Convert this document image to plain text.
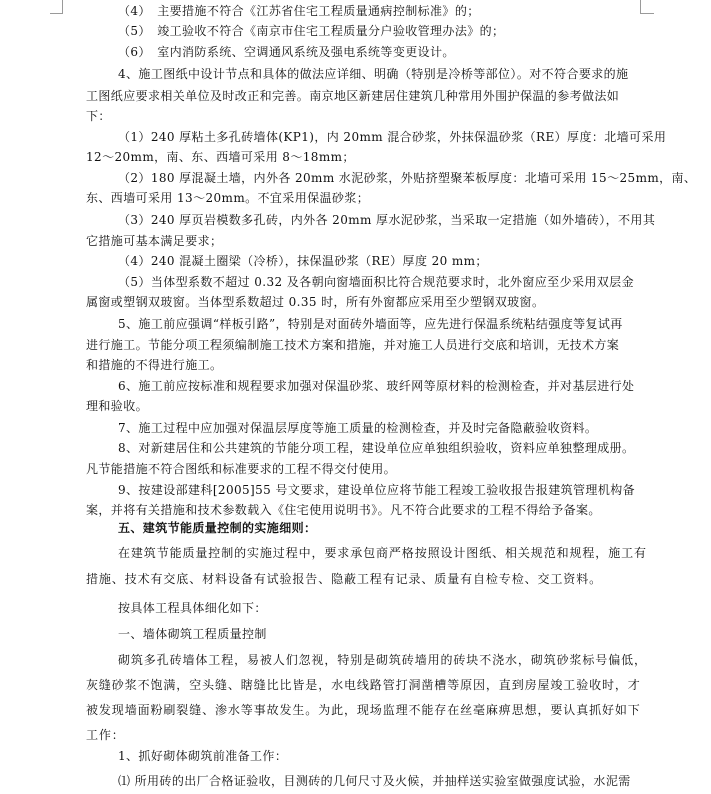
（4）　主要措施不符合《江苏省住宅工程质量通病控制标准》的；
（5）　竣工验收不符合《南京市住宅工程质量分户验收管理办法》的；
（6）　室内消防系统、空调通风系统及强电系统等变更设计。
4、施工图纸中设计节点和具体的做法应详细、明确（特别是冷桥等部位）。对不符合要求的施
工图纸应要求相关单位及时改正和完善。南京地区新建居住建筑几种常用外围护保温的参考做法如
下：
（1）240 厚粘土多孔砖墙体(KP1)，内 20mm 混合砂浆，外抹保温砂浆（RE）厚度：北墙可采用
12～20mm，南、东、西墙可采用 8～18mm；
（2）180 厚混凝土墙，内外各 20mm 水泥砂浆，外贴挤塑聚苯板厚度：北墙可采用 15～25mm，南、
东、西墙可采用 13～20mm。不宜采用保温砂浆；
（3）240 厚页岩模数多孔砖，内外各 20mm 厚水泥砂浆，当采取一定措施（如外墙砖），不用其
它措施可基本满足要求；
（4）240 混凝土圈梁（冷桥），抹保温砂浆（RE）厚度 20 mm；
（5）当体型系数不超过 0.32 及各朝向窗墙面积比符合规范要求时，北外窗应至少采用双层金
属窗或塑钢双玻窗。当体型系数超过 0.35 时，所有外窗都应采用至少塑钢双玻窗。
5、施工前应强调“样板引路”，特别是对面砖外墙面等，应先进行保温系统粘结强度等复试再
进行施工。节能分项工程须编制施工技术方案和措施，并对施工人员进行交底和培训，无技术方案
和措施的不得进行施工。
6、施工前应按标准和规程要求加强对保温砂浆、玻纤网等原材料的检测检查，并对基层进行处
理和验收。
7、施工过程中应加强对保温层厚度等施工质量的检测检查，并及时完备隐蔽验收资料。
8、对新建居住和公共建筑的节能分项工程，建设单位应单独组织验收，资料应单独整理成册。
凡节能措施不符合图纸和标准要求的工程不得交付使用。
9、按建设部建科[2005]55 号文要求，建设单位应将节能工程竣工验收报告报建筑管理机构备
案，并将有关措施和技术参数载入《住宅使用说明书》。凡不符合此要求的工程不得给予备案。
五、建筑节能质量控制的实施细则：
在建筑节能质量控制的实施过程中，要求承包商严格按照设计图纸、相关规范和规程，施工有
措施、技术有交底、材料设备有试验报告、隐蔽工程有记录、质量有自检专检、交工资料。
按具体工程具体细化如下：
一、墙体砌筑工程质量控制
砌筑多孔砖墙体工程，易被人们忽视，特别是砌筑砖墙用的砖块不浇水，砌筑砂浆标号偏低，
灰缝砂浆不饱满，空头缝、瞎缝比比皆是，水电线路管打洞凿槽等原因，直到房屋竣工验收时，才
被发现墙面粉刷裂缝、渗水等事故发生。为此，现场监理不能存在丝毫麻痹思想，要认真抓好如下
工作：
1、抓好砌体砌筑前准备工作：
⑴ 所用砖的出厂合格证验收，目测砖的几何尺寸及火候，并抽样送实验室做强度试验，水泥需
